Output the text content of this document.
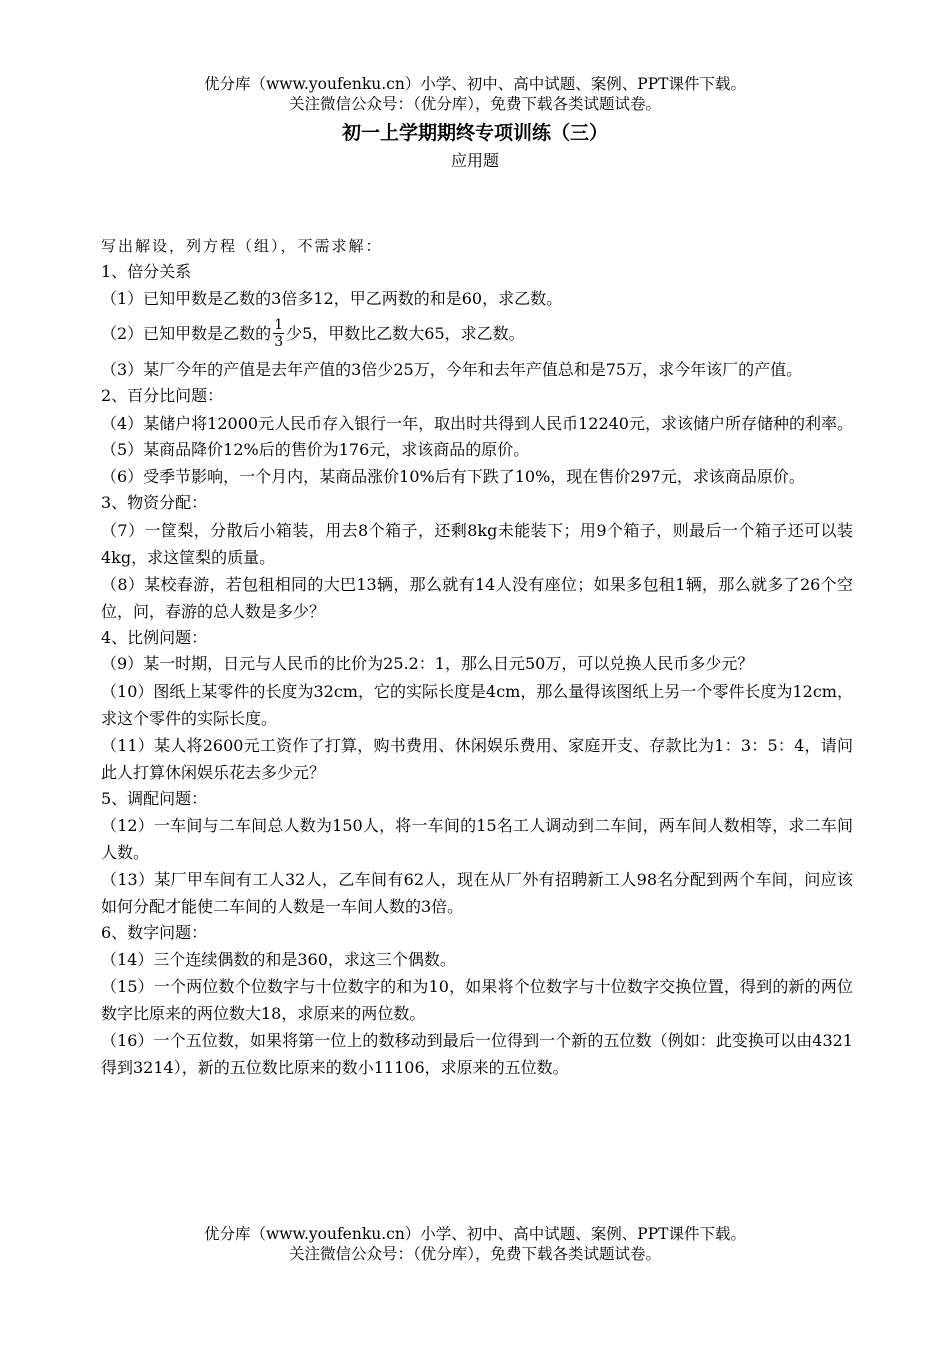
优分库（www.youfenku.cn）小学、初中、高中试题、案例、PPT课件下载。
关注微信公众号：（优分库），免费下载各类试题试卷。
初一上学期期终专项训练（三）
应用题
写出解设，列方程（组），不需求解：
1、倍分关系
（1）已知甲数是乙数的3倍多12，甲乙两数的和是60，求乙数。
（2）已知甲数是乙数的 $\frac{1}{3}$ 少5，甲数比乙数大65，求乙数。
（3）某厂今年的产值是去年产值的3倍少25万，今年和去年产值总和是75万，求今年该厂的产值。
2、百分比问题：
（4）某储户将12000元人民币存入银行一年，取出时共得到人民币12240元，求该储户所存储种的利率。
（5）某商品降价12%后的售价为176元，求该商品的原价。
（6）受季节影响，一个月内，某商品涨价10%后有下跌了10%，现在售价297元，求该商品原价。
3、物资分配：
（7）一筐梨，分散后小箱装，用去8个箱子，还剩8kg未能装下；用9个箱子，则最后一个箱子还可以装4kg，求这筐梨的质量。
（8）某校春游，若包租相同的大巴13辆，那么就有14人没有座位；如果多包租1辆，那么就多了26个空位，问，春游的总人数是多少？
4、比例问题：
（9）某一时期，日元与人民币的比价为25.2：1，那么日元50万，可以兑换人民币多少元？
（10）图纸上某零件的长度为32cm，它的实际长度是4cm，那么量得该图纸上另一个零件长度为12cm，求这个零件的实际长度。
（11）某人将2600元工资作了打算，购书费用、休闲娱乐费用、家庭开支、存款比为1：3：5：4，请问此人打算休闲娱乐花去多少元？
5、调配问题：
（12）一车间与二车间总人数为150人，将一车间的15名工人调动到二车间，两车间人数相等，求二车间人数。
（13）某厂甲车间有工人32人，乙车间有62人，现在从厂外有招聘新工人98名分配到两个车间，问应该如何分配才能使二车间的人数是一车间人数的3倍。
6、数字问题：
（14）三个连续偶数的和是360，求这三个偶数。
（15）一个两位数个位数字与十位数字的和为10，如果将个位数字与十位数字交换位置，得到的新的两位数字比原来的两位数大18，求原来的两位数。
（16）一个五位数，如果将第一位上的数移动到最后一位得到一个新的五位数（例如：此变换可以由4321得到3214），新的五位数比原来的数小11106，求原来的五位数。
优分库（www.youfenku.cn）小学、初中、高中试题、案例、PPT课件下载。
关注微信公众号：（优分库），免费下载各类试题试卷。
